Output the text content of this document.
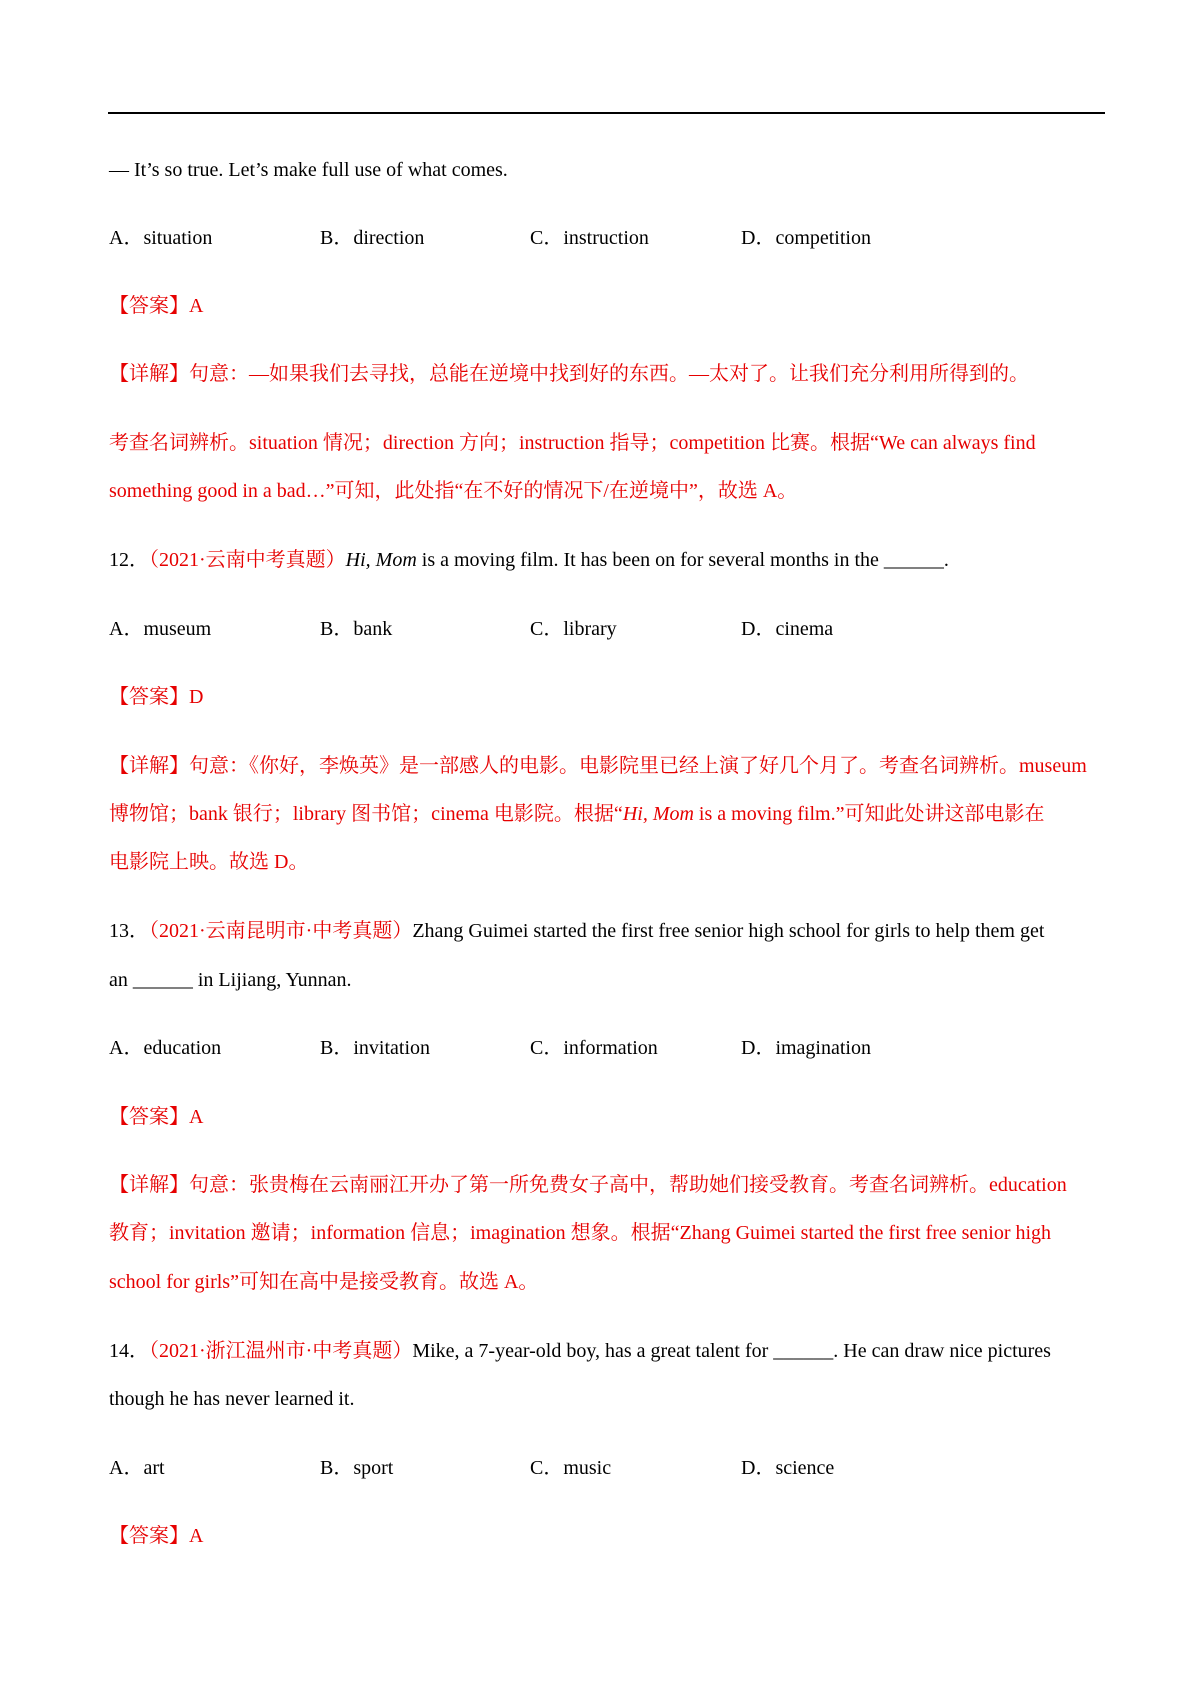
— It’s so true. Let’s make full use of what comes.
A．situation	B．direction	C．instruction	D．competition
【答案】A
【详解】句意：—如果我们去寻找，总能在逆境中找到好的东西。—太对了。让我们充分利用所得到的。
考查名词辨析。situation 情况；direction 方向；instruction 指导；competition 比赛。根据“We can always find
something good in a bad…”可知，此处指“在不好的情况下/在逆境中”，故选 A。
12．（2021·云南中考真题）Hi, Mom is a moving film. It has been on for several months in the ______.
A．museum	B．bank	C．library	D．cinema
【答案】D
【详解】句意：《你好，李焕英》是一部感人的电影。电影院里已经上演了好几个月了。考查名词辨析。museum
博物馆；bank 银行；library 图书馆；cinema 电影院。根据“Hi, Mom is a moving film.”可知此处讲这部电影在
电影院上映。故选 D。
13．（2021·云南昆明市·中考真题）Zhang Guimei started the first free senior high school for girls to help them get
an ______ in Lijiang, Yunnan.
A．education	B．invitation	C．information	D．imagination
【答案】A
【详解】句意：张贵梅在云南丽江开办了第一所免费女子高中，帮助她们接受教育。考查名词辨析。education
教育；invitation 邀请；information 信息；imagination 想象。根据“Zhang Guimei started the first free senior high
school for girls”可知在高中是接受教育。故选 A。
14．（2021·浙江温州市·中考真题）Mike, a 7-year-old boy, has a great talent for ______. He can draw nice pictures
though he has never learned it.
A．art	B．sport	C．music	D．science
【答案】A
